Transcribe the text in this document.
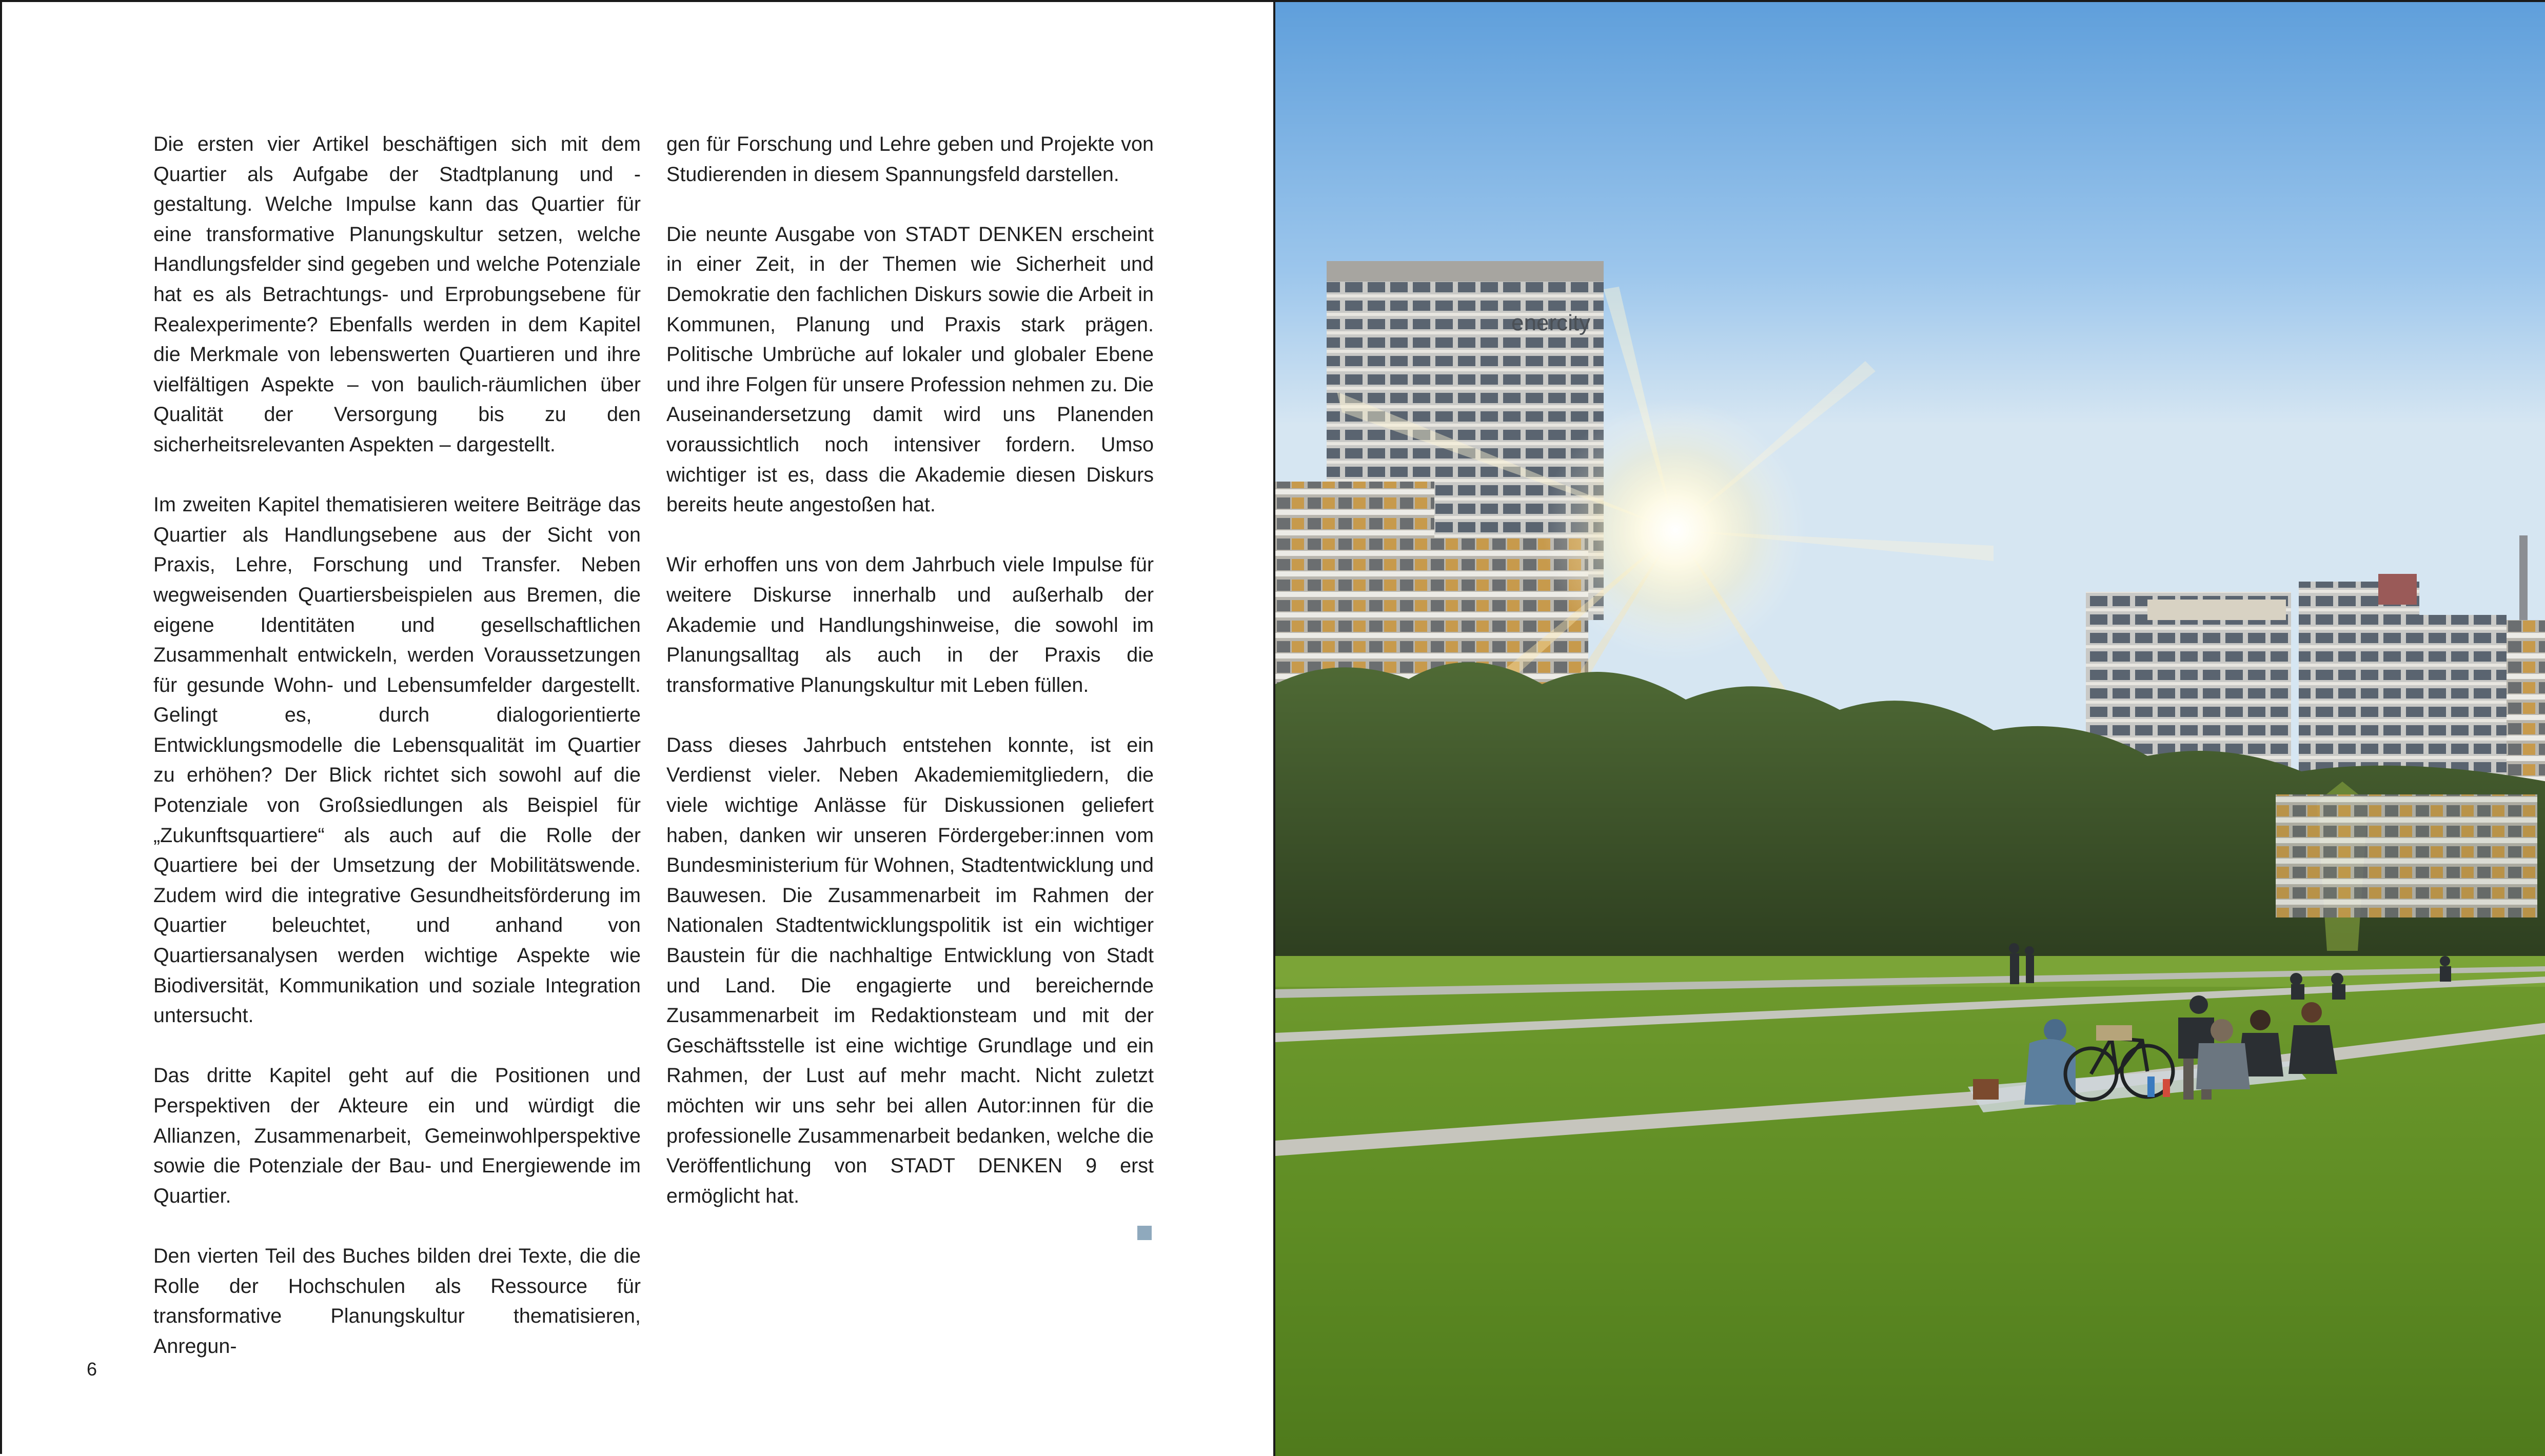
Die ersten vier Artikel beschäftigen sich mit dem Quartier als Aufgabe der Stadtplanung und -gestaltung. Welche Impulse kann das Quartier für eine transformative Planungskultur setzen, welche Handlungsfelder sind gegeben und welche Potenziale hat es als Betrachtungs- und Erprobungsebene für Realexperimente? Ebenfalls werden in dem Kapitel die Merkmale von lebenswerten Quartieren und ihre vielfältigen Aspekte – von baulich-räumlichen über Qualität der Versorgung bis zu den sicherheitsrelevanten Aspekten – dargestellt.

Im zweiten Kapitel thematisieren weitere Beiträge das Quartier als Handlungsebene aus der Sicht von Praxis, Lehre, Forschung und Transfer. Neben wegweisenden Quartiersbeispielen aus Bremen, die eigene Identitäten und gesellschaftlichen Zusammenhalt entwickeln, werden Voraussetzungen für gesunde Wohn- und Lebensumfelder dargestellt. Gelingt es, durch dialogorientierte Entwicklungsmodelle die Lebensqualität im Quartier zu erhöhen? Der Blick richtet sich sowohl auf die Potenziale von Großsiedlungen als Beispiel für „Zukunftsquartiere“ als auch auf die Rolle der Quartiere bei der Umsetzung der Mobilitätswende. Zudem wird die integrative Gesundheitsförderung im Quartier beleuchtet, und anhand von Quartiersanalysen werden wichtige Aspekte wie Biodiversität, Kommunikation und soziale Integration untersucht.

Das dritte Kapitel geht auf die Positionen und Perspektiven der Akteure ein und würdigt die Allianzen, Zusammenarbeit, Gemeinwohlperspektive sowie die Potenziale der Bau- und Energiewende im Quartier.

Den vierten Teil des Buches bilden drei Texte, die die Rolle der Hochschulen als Ressource für transformative Planungskultur thematisieren, Anregun-

gen für Forschung und Lehre geben und Projekte von Studierenden in diesem Spannungsfeld darstellen.

Die neunte Ausgabe von STADT DENKEN erscheint in einer Zeit, in der Themen wie Sicherheit und Demokratie den fachlichen Diskurs sowie die Arbeit in Kommunen, Planung und Praxis stark prägen. Politische Umbrüche auf lokaler und globaler Ebene und ihre Folgen für unsere Profession nehmen zu. Die Auseinandersetzung damit wird uns Planenden voraussichtlich noch intensiver fordern. Umso wichtiger ist es, dass die Akademie diesen Diskurs bereits heute angestoßen hat.

Wir erhoffen uns von dem Jahrbuch viele Impulse für weitere Diskurse innerhalb und außerhalb der Akademie und Handlungshinweise, die sowohl im Planungsalltag als auch in der Praxis die transformative Planungskultur mit Leben füllen.

Dass dieses Jahrbuch entstehen konnte, ist ein Verdienst vieler. Neben Akademiemitgliedern, die viele wichtige Anlässe für Diskussionen geliefert haben, danken wir unseren Fördergeber:innen vom Bundesministerium für Wohnen, Stadtentwicklung und Bauwesen. Die Zusammenarbeit im Rahmen der Nationalen Stadtentwicklungspolitik ist ein wichtiger Baustein für die nachhaltige Entwicklung von Stadt und Land. Die engagierte und bereichernde Zusammenarbeit im Redaktionsteam und mit der Geschäftsstelle ist eine wichtige Grundlage und ein Rahmen, der Lust auf mehr macht. Nicht zuletzt möchten wir uns sehr bei allen Autor:innen für die professionelle Zusammenarbeit bedanken, welche die Veröffentlichung von STADT DENKEN 9 erst ermöglicht hat.

6
enercity
